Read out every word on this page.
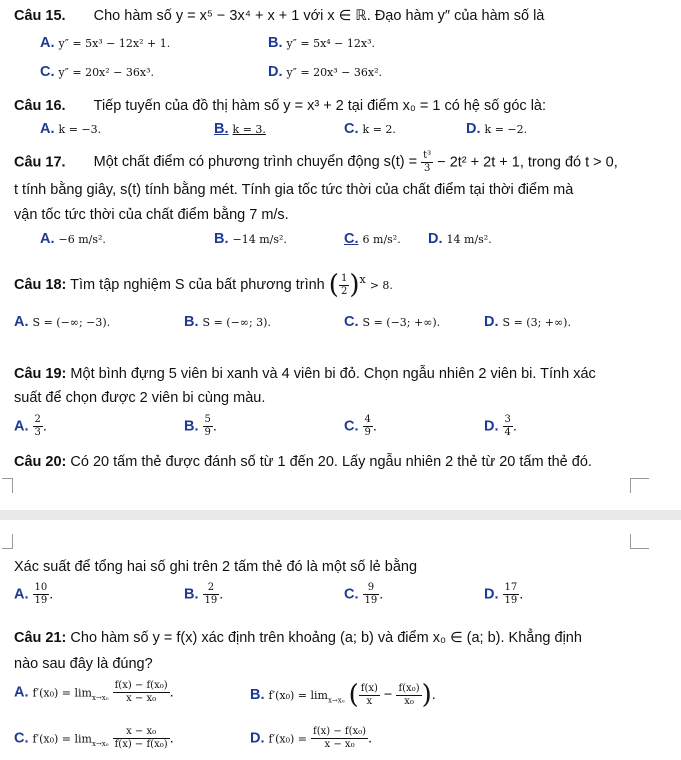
Câu 15. Cho hàm số y = x⁵ − 3x⁴ + x + 1 với x ∈ ℝ. Đạo hàm y″ của hàm số là
A. y″ = 5x³ − 12x² + 1.	B. y″ = 5x⁴ − 12x³.
C. y″ = 20x² − 36x³.	D. y″ = 20x³ − 36x².
Câu 16. Tiếp tuyến của đồ thị hàm số y = x³ + 2 tại điểm x₀ = 1 có hệ số góc là:
A. k = −3.	B. k = 3.	C. k = 2.	D. k = −2.
Câu 17. Một chất điểm có phương trình chuyển động $s(t) = \frac{\text{t³}}{3} - 2t^2 + 2t + 1$, trong đó t > 0,
t tính bằng giây, s(t) tính bằng mét. Tính gia tốc tức thời của chất điểm tại thời điểm mà
vận tốc tức thời của chất điểm bằng 7 m/s.
A. −6 m/s².	B. −14 m/s².	C. 6 m/s². D. 14 m/s².
Câu 18: Tìm tập nghiệm S của bất phương trình ( $\frac{1}{2} )^x > 8$.
A. S = (−∞; −3).	B. S = (−∞; 3).	C. S = (−3; +∞).	D. S = (3; +∞).
Câu 19: Một bình đựng 5 viên bi xanh và 4 viên bi đỏ. Chọn ngẫu nhiên 2 viên bi. Tính xác
suất để chọn được 2 viên bi cùng màu.
A. $\frac{2}{3}$ .	B. $\frac{5}{9}$ .	C. $\frac{4}{9}$ .	D. $\frac{3}{4}$ .
Câu 20: Có 20 tấm thẻ được đánh số từ 1 đến 20. Lấy ngẫu nhiên 2 thẻ từ 20 tấm thẻ đó.
Xác suất để tổng hai số ghi trên 2 tấm thẻ đó là một số lẻ bằng
A. $\frac{10}{19}$ .	B. $\frac{2}{19}$ .	C. $\frac{9}{19}$ .	D. $\frac{17}{19}$ .
Câu 21: Cho hàm số y = f(x) xác định trên khoảng (a; b) và điểm x₀ ∈ (a; b). Khẳng định
nào sau đây là đúng?
A. $f'(x_0) = \lim_{x\to x_0} \frac{\text{f(x) − f(x₀)}}{\text{x − x₀}}$ .	B. $f'(x_0) = \lim_{x\to x_0}$ ( $\frac{f(x)}{x} - \frac{\text{f(x₀)}}{\text{x₀}}$ ).
C. $f'(x_0) = \lim_{x\to x_0} \frac{\text{x − x₀}}{\text{f(x) − f(x₀)}}$ .	D. $f'(x_0) = \frac{\text{f(x) − f(x₀)}}{\text{x − x₀}}$ .
